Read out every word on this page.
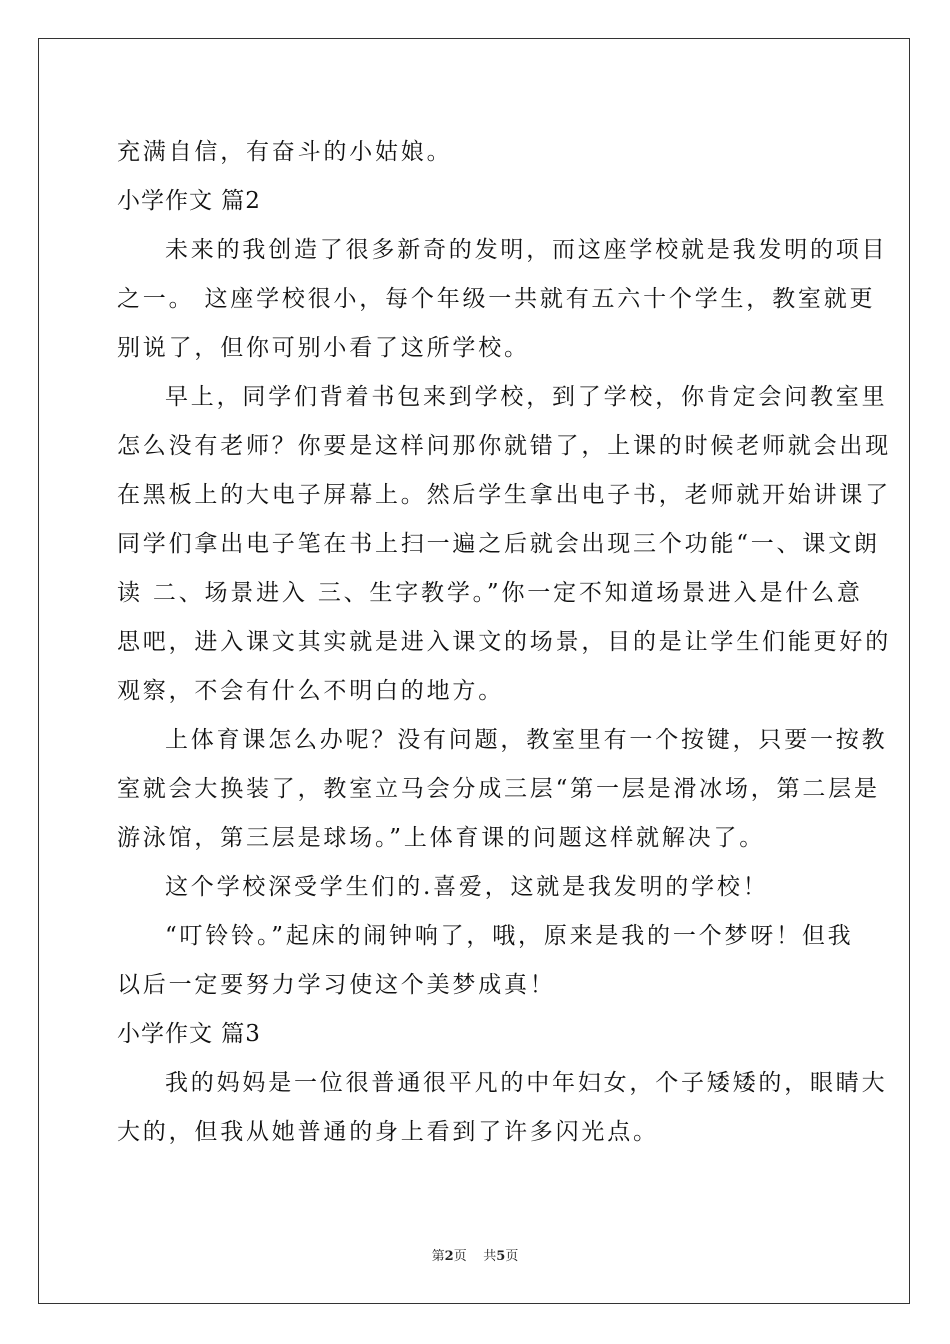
充满自信，有奋斗的小姑娘。
小学作文 篇2
未来的我创造了很多新奇的发明，而这座学校就是我发明的项目
之一。 这座学校很小，每个年级一共就有五六十个学生，教室就更
别说了，但你可别小看了这所学校。
早上，同学们背着书包来到学校，到了学校，你肯定会问教室里
怎么没有老师？你要是这样问那你就错了，上课的时候老师就会出现
在黑板上的大电子屏幕上。然后学生拿出电子书，老师就开始讲课了
同学们拿出电子笔在书上扫一遍之后就会出现三个功能“一、课文朗
读 二、场景进入 三、生字教学。”你一定不知道场景进入是什么意
思吧，进入课文其实就是进入课文的场景，目的是让学生们能更好的
观察，不会有什么不明白的地方。
上体育课怎么办呢？没有问题，教室里有一个按键，只要一按教
室就会大换装了，教室立马会分成三层“第一层是滑冰场，第二层是
游泳馆，第三层是球场。”上体育课的问题这样就解决了。
这个学校深受学生们的.喜爱，这就是我发明的学校！
“叮铃铃。”起床的闹钟响了，哦，原来是我的一个梦呀！但我
以后一定要努力学习使这个美梦成真！
小学作文 篇3
我的妈妈是一位很普通很平凡的中年妇女，个子矮矮的，眼睛大
大的，但我从她普通的身上看到了许多闪光点。
第2页 共5页
